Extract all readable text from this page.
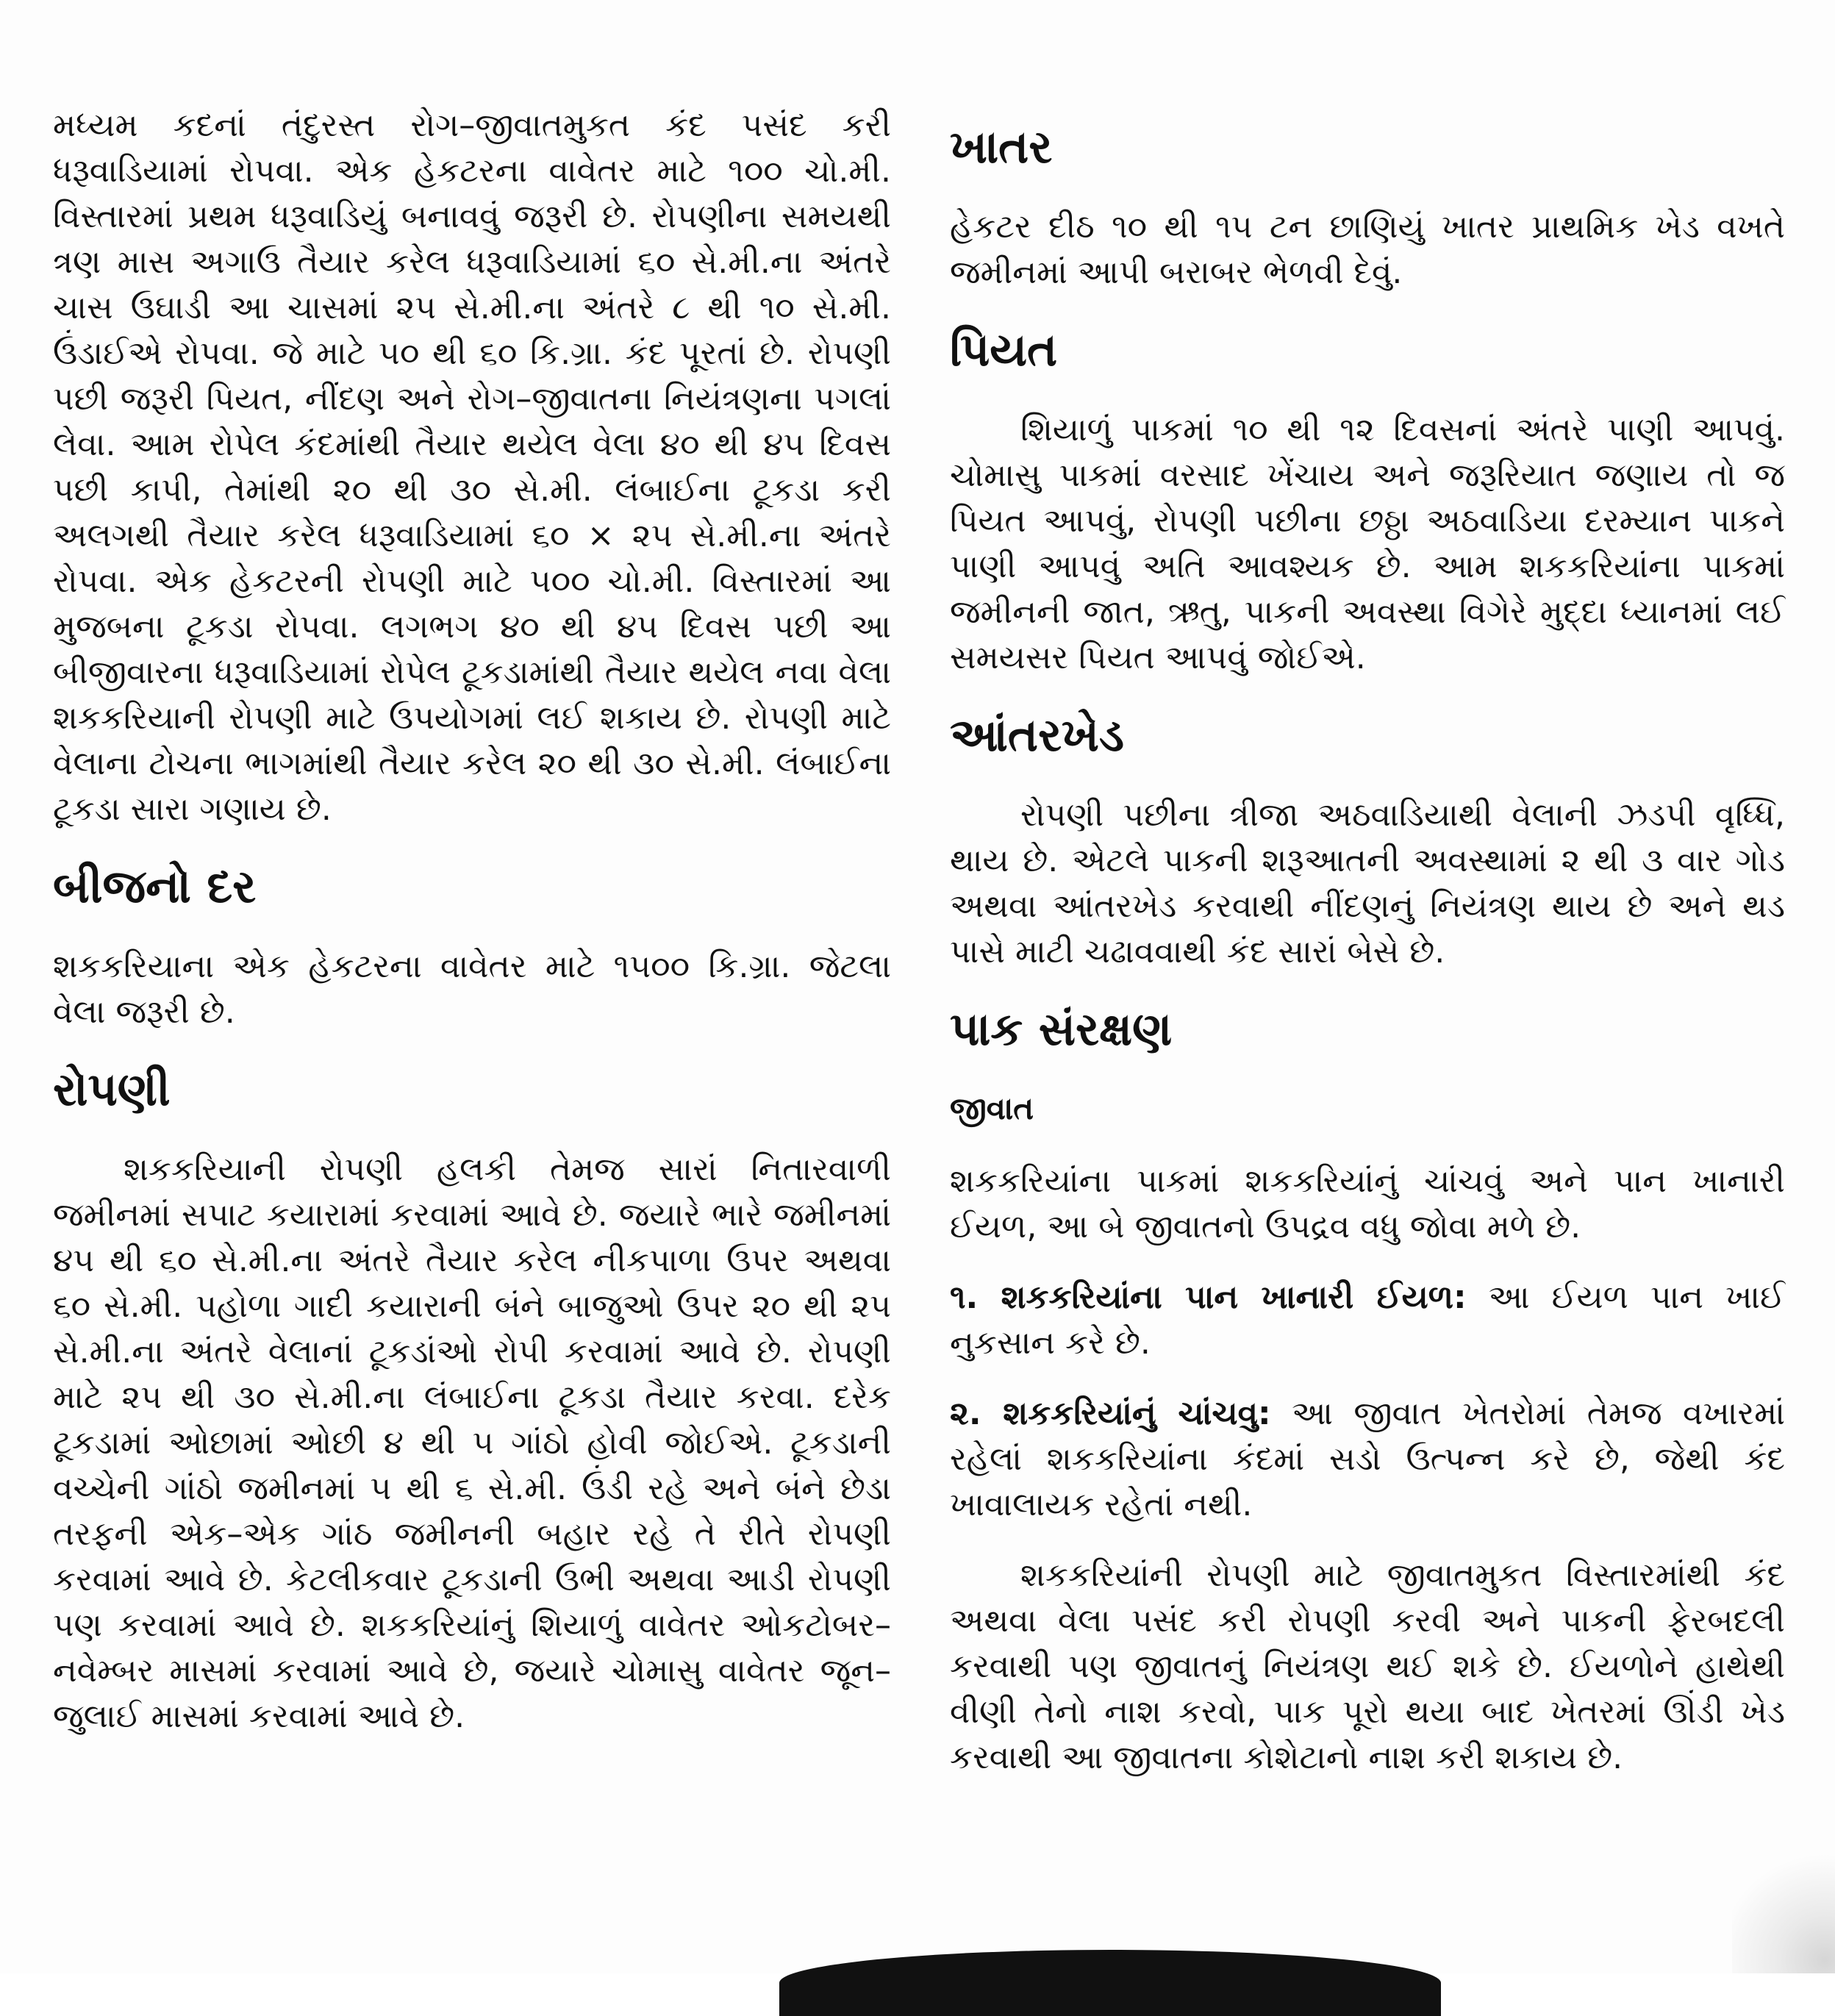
મધ્યમ કદનાં તંદુરસ્ત રોગ–જીવાતમુકત કંદ પસંદ કરી ધરૂવાડિયામાં રોપવા. એક હેકટરના વાવેતર માટે ૧૦૦ ચો.મી. વિસ્તારમાં પ્રથમ ધરૂવાડિયું બનાવવું જરૂરી છે. રોપણીના સમયથી ત્રણ માસ અગાઉ તૈયાર કરેલ ધરૂવાડિયામાં ૬૦ સે.મી.ના અંતરે ચાસ ઉઘાડી આ ચાસમાં ૨૫ સે.મી.ના અંતરે ૮ થી ૧૦ સે.મી. ઉંડાઈએ રોપવા. જે માટે ૫૦ થી ૬૦ કિ.ગ્રા. કંદ પૂરતાં છે. રોપણી પછી જરૂરી પિયત, નીંદણ અને રોગ–જીવાતના નિયંત્રણના પગલાં લેવા. આમ રોપેલ કંદમાંથી તૈયાર થયેલ વેલા ૪૦ થી ૪૫ દિવસ પછી કાપી, તેમાંથી ૨૦ થી ૩૦ સે.મી. લંબાઈના ટૂકડા કરી અલગથી તૈયાર કરેલ ધરૂવાડિયામાં ૬૦ × ૨૫ સે.મી.ના અંતરે રોપવા. એક હેકટરની રોપણી માટે ૫૦૦ ચો.મી. વિસ્તારમાં આ મુજબના ટૂકડા રોપવા. લગભગ ૪૦ થી ૪૫ દિવસ પછી આ બીજીવારના ધરૂવાડિયામાં રોપેલ ટૂકડામાંથી તૈયાર થયેલ નવા વેલા શકકરિયાની રોપણી માટે ઉપયોગમાં લઈ શકાય છે. રોપણી માટે વેલાના ટોચના ભાગમાંથી તૈયાર કરેલ ૨૦ થી ૩૦ સે.મી. લંબાઈના ટૂકડા સારા ગણાય છે.

બીજનો દર

શકકરિયાના એક હેકટરના વાવેતર માટે ૧૫૦૦ કિ.ગ્રા. જેટલા વેલા જરૂરી છે.

રોપણી

શકકરિયાની રોપણી હલકી તેમજ સારાં નિતારવાળી જમીનમાં સપાટ કયારામાં કરવામાં આવે છે. જયારે ભારે જમીનમાં ૪૫ થી ૬૦ સે.મી.ના અંતરે તૈયાર કરેલ નીકપાળા ઉપર અથવા ૬૦ સે.મી. પહોળા ગાદી કયારાની બંને બાજુઓ ઉપર ૨૦ થી ૨૫ સે.મી.ના અંતરે વેલાનાં ટૂકડાંઓ રોપી કરવામાં આવે છે. રોપણી માટે ૨૫ થી ૩૦ સે.મી.ના લંબાઈના ટૂકડા તૈયાર કરવા. દરેક ટૂકડામાં ઓછામાં ઓછી ૪ થી ૫ ગાંઠો હોવી જોઈએ. ટૂકડાની વચ્ચેની ગાંઠો જમીનમાં ૫ થી ૬ સે.મી. ઉંડી રહે અને બંને છેડા તરફની એક–એક ગાંઠ જમીનની બહાર રહે તે રીતે રોપણી કરવામાં આવે છે. કેટલીકવાર ટૂકડાની ઉભી અથવા આડી રોપણી પણ કરવામાં આવે છે. શકકરિયાંનું શિયાળું વાવેતર ઓકટોબર–નવેમ્બર માસમાં કરવામાં આવે છે, જયારે ચોમાસુ વાવેતર જૂન–જુલાઈ માસમાં કરવામાં આવે છે.

ખાતર

હેકટર દીઠ ૧૦ થી ૧૫ ટન છાણિયું ખાતર પ્રાથમિક ખેડ વખતે જમીનમાં આપી બરાબર ભેળવી દેવું.

પિયત

શિયાળું પાકમાં ૧૦ થી ૧૨ દિવસનાં અંતરે પાણી આપવું. ચોમાસુ પાકમાં વરસાદ ખેંચાય અને જરૂરિયાત જણાય તો જ પિયત આપવું, રોપણી પછીના છઠ્ઠા અઠવાડિયા દરમ્યાન પાકને પાણી આપવું અતિ આવશ્યક છે. આમ શકકરિયાંના પાકમાં જમીનની જાત, ઋતુ, પાકની અવસ્થા વિગેરે મુદ્દા ધ્યાનમાં લઈ સમયસર પિયત આપવું જોઈએ.

આંતરખેડ

રોપણી પછીના ત્રીજા અઠવાડિયાથી વેલાની ઝડપી વૃધ્ધિ, થાય છે. એટલે પાકની શરૂઆતની અવસ્થામાં ૨ થી ૩ વાર ગોડ અથવા આંતરખેડ કરવાથી નીંદણનું નિયંત્રણ થાય છે અને થડ પાસે માટી ચઢાવવાથી કંદ સારાં બેસે છે.

પાક સંરક્ષણ
જીવાત

શકકરિયાંના પાકમાં શકકરિયાંનું ચાંચવું અને પાન ખાનારી ઈયળ, આ બે જીવાતનો ઉપદ્રવ વધુ જોવા મળે છે.

૧. શકકરિયાંના પાન ખાનારી ઈયળ: આ ઈયળ પાન ખાઈ નુકસાન કરે છે.

૨. શકકરિયાંનું ચાંચવુ: આ જીવાત ખેતરોમાં તેમજ વખારમાં રહેલાં શકકરિયાંના કંદમાં સડો ઉત્પન્ન કરે છે, જેથી કંદ ખાવાલાયક રહેતાં નથી.

શકકરિયાંની રોપણી માટે જીવાતમુકત વિસ્તારમાંથી કંદ અથવા વેલા પસંદ કરી રોપણી કરવી અને પાકની ફેરબદલી કરવાથી પણ જીવાતનું નિયંત્રણ થઈ શકે છે. ઈયળોને હાથેથી વીણી તેનો નાશ કરવો, પાક પૂરો થયા બાદ ખેતરમાં ઊંડી ખેડ કરવાથી આ જીવાતના કોશેટાનો નાશ કરી શકાય છે.
